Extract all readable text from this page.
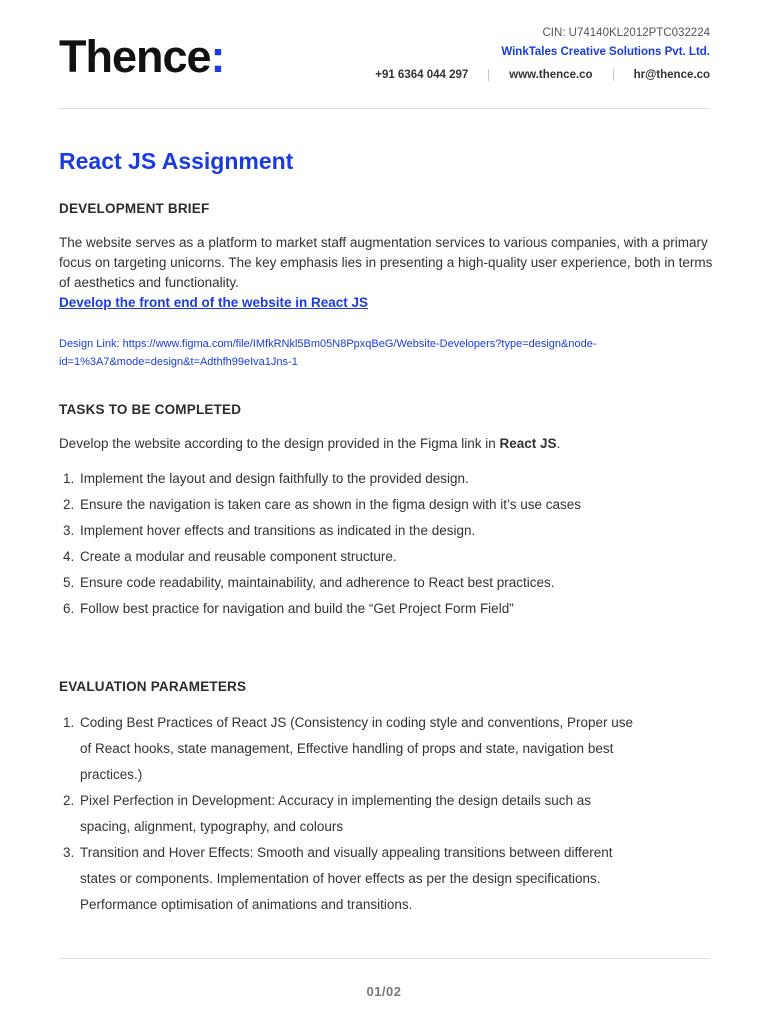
Thence:	CIN: U74140KL2012PTC032224
WinkTales Creative Solutions Pvt. Ltd.
+91 6364 044 297	www.thence.co	hr@thence.co
React JS Assignment
DEVELOPMENT BRIEF

The website serves as a platform to market staff augmentation services to various companies, with a primary focus on targeting unicorns. The key emphasis lies in presenting a high-quality user experience, both in terms of aesthetics and functionality.

Develop the front end of the website in React JS

Design Link: https://www.figma.com/file/IMfkRNkl5Bm05N8PpxqBeG/Website-Developers?type=design&node-id=1%3A7&mode=design&t=Adthfh99eIva1Jns-1

TASKS TO BE COMPLETED

Develop the website according to the design provided in the Figma link in React JS.

1. Implement the layout and design faithfully to the provided design.
2. Ensure the navigation is taken care as shown in the figma design with it’s use cases
3. Implement hover effects and transitions as indicated in the design.
4. Create a modular and reusable component structure.
5. Ensure code readability, maintainability, and adherence to React best practices.
6. Follow best practice for navigation and build the “Get Project Form Field”
EVALUATION PARAMETERS
1. Coding Best Practices of React JS (Consistency in coding style and conventions, Proper use of React hooks, state management, Effective handling of props and state, navigation best practices.)
2. Pixel Perfection in Development: Accuracy in implementing the design details such as spacing, alignment, typography, and colours
3. Transition and Hover Effects: Smooth and visually appealing transitions between different states or components. Implementation of hover effects as per the design specifications. Performance optimisation of animations and transitions.
01/02
